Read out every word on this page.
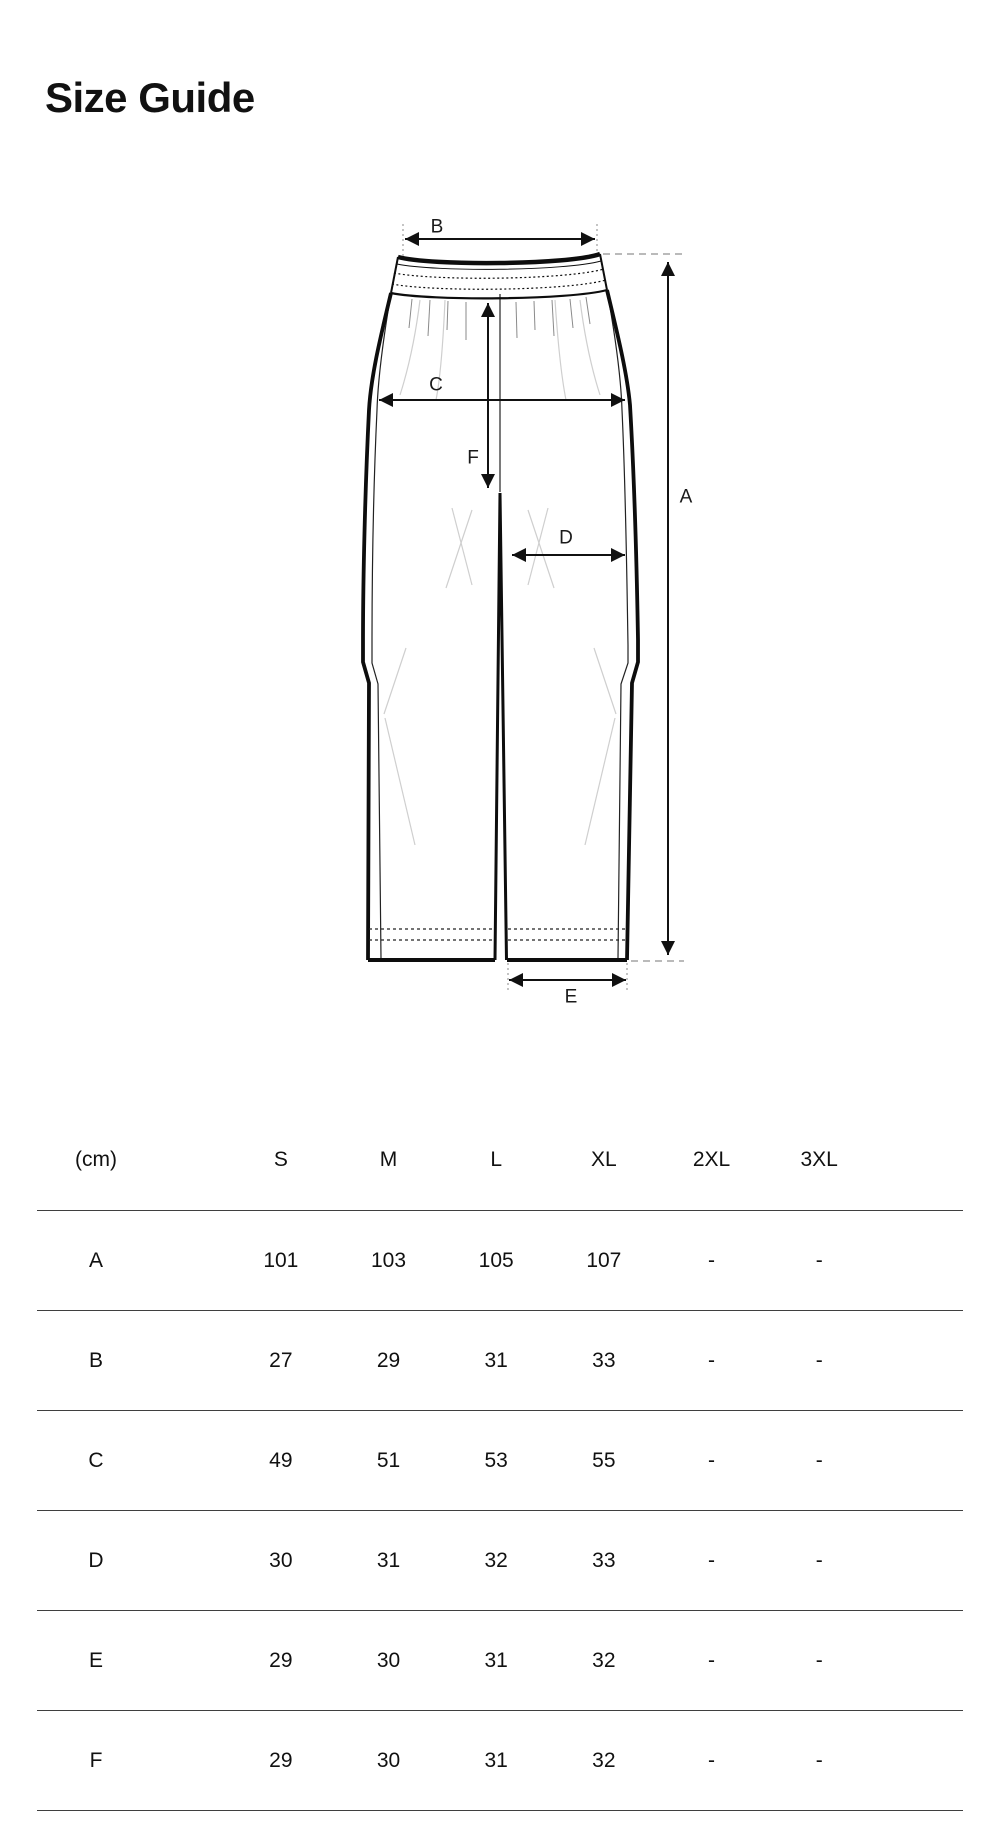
Size Guide
B
C
D
F
A
E
(cm)	S	M	L	XL	2XL	3XL
A	101	103	105	107	-	-
B	27	29	31	33	-	-
C	49	51	53	55	-	-
D	30	31	32	33	-	-
E	29	30	31	32	-	-
F	29	30	31	32	-	-
